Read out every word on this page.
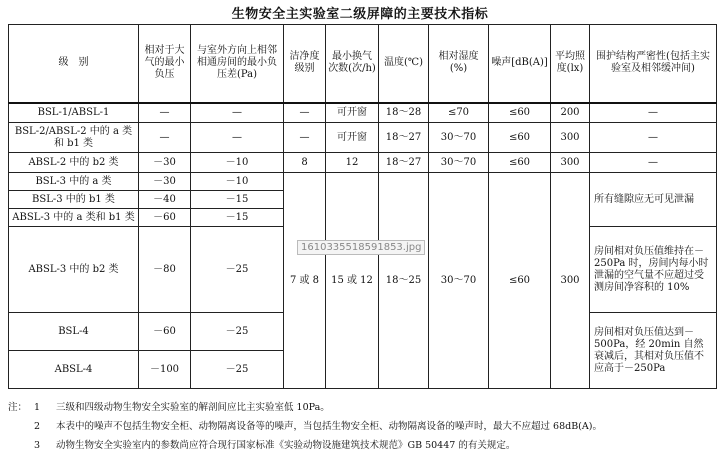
生物安全主实验室二级屏障的主要技术指标
级　别	相对于大气的最小负压	与室外方向上相邻相通房间的最小负压差(Pa)	洁净度级别	最小换气次数(次/h)	温度(℃)	相对湿度(%)	噪声[dB(A)]	平均照度(lx)	围护结构严密性(包括主实验室及相邻缓冲间)
BSL-1/ABSL-1	—	—	—	可开窗	18～28	≤70	≤60	200	—
BSL-2/ABSL-2 中的 a 类和 b1 类	—	—	—	可开窗	18～27	30～70	≤60	300	—
ABSL-2 中的 b2 类	－30	－10	8	12	18～27	30～70	≤60	300	—
BSL-3 中的 a 类	－30	－10	7 或 8	15 或 12	18～25	30～70	≤60	300	所有缝隙应无可见泄漏
BSL-3 中的 b1 类	－40	－15							
ABSL-3 中的 a 类和 b1 类	－60	－15							
ABSL-3 中的 b2 类	－80	－25							房间相对负压值维持在－250Pa 时，房间内每小时泄漏的空气量不应超过受测房间净容积的 10%
BSL-4	－60	－25							房间相对负压值达到－500Pa，经 20min 自然衰减后，其相对负压值不应高于－250Pa
ABSL-4	－100	－25							
1610335518591853.jpg
注： 1 三级和四级动物生物安全实验室的解剖间应比主实验室低 10Pa。
2 本表中的噪声不包括生物安全柜、动物隔离设备等的噪声，当包括生物安全柜、动物隔离设备的噪声时，最大不应超过 68dB(A)。
3 动物生物安全实验室内的参数尚应符合现行国家标准《实验动物设施建筑技术规范》GB 50447 的有关规定。
